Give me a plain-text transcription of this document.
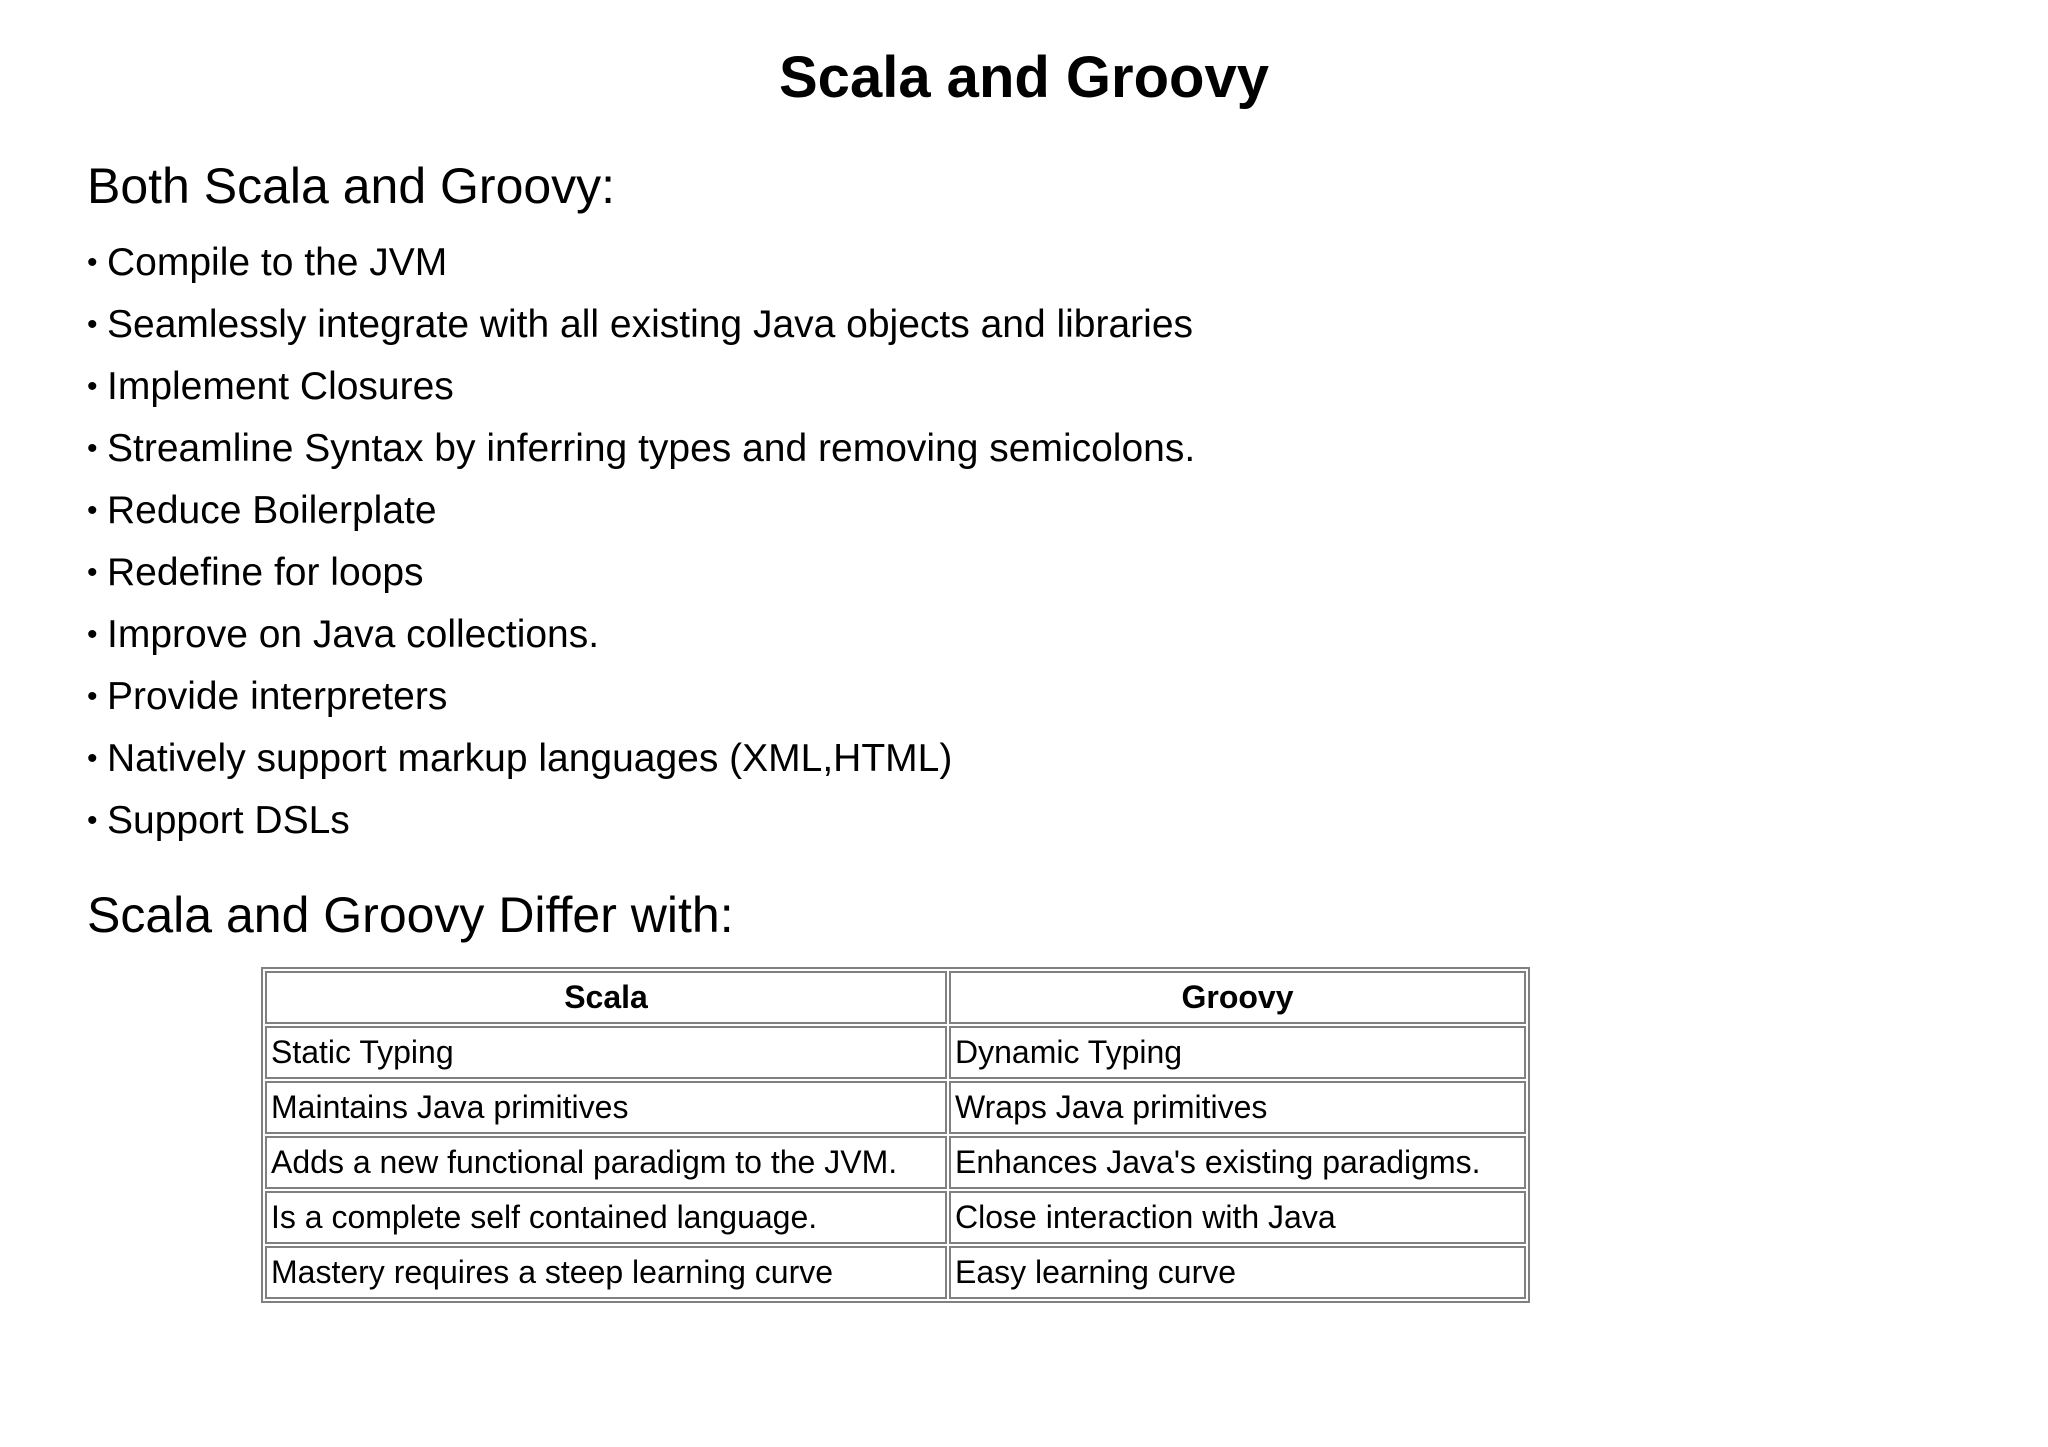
Scala and Groovy
Both Scala and Groovy:
• Compile to the JVM
• Seamlessly integrate with all existing Java objects and libraries
• Implement Closures
• Streamline Syntax by inferring types and removing semicolons.
• Reduce Boilerplate
• Redefine for loops
• Improve on Java collections.
• Provide interpreters
• Natively support markup languages (XML,HTML)
• Support DSLs
Scala and Groovy Differ with:
Scala	Groovy
Static Typing	Dynamic Typing
Maintains Java primitives	Wraps Java primitives
Adds a new functional paradigm to the JVM.	Enhances Java's existing paradigms.
Is a complete self contained language.	Close interaction with Java
Mastery requires a steep learning curve	Easy learning curve
